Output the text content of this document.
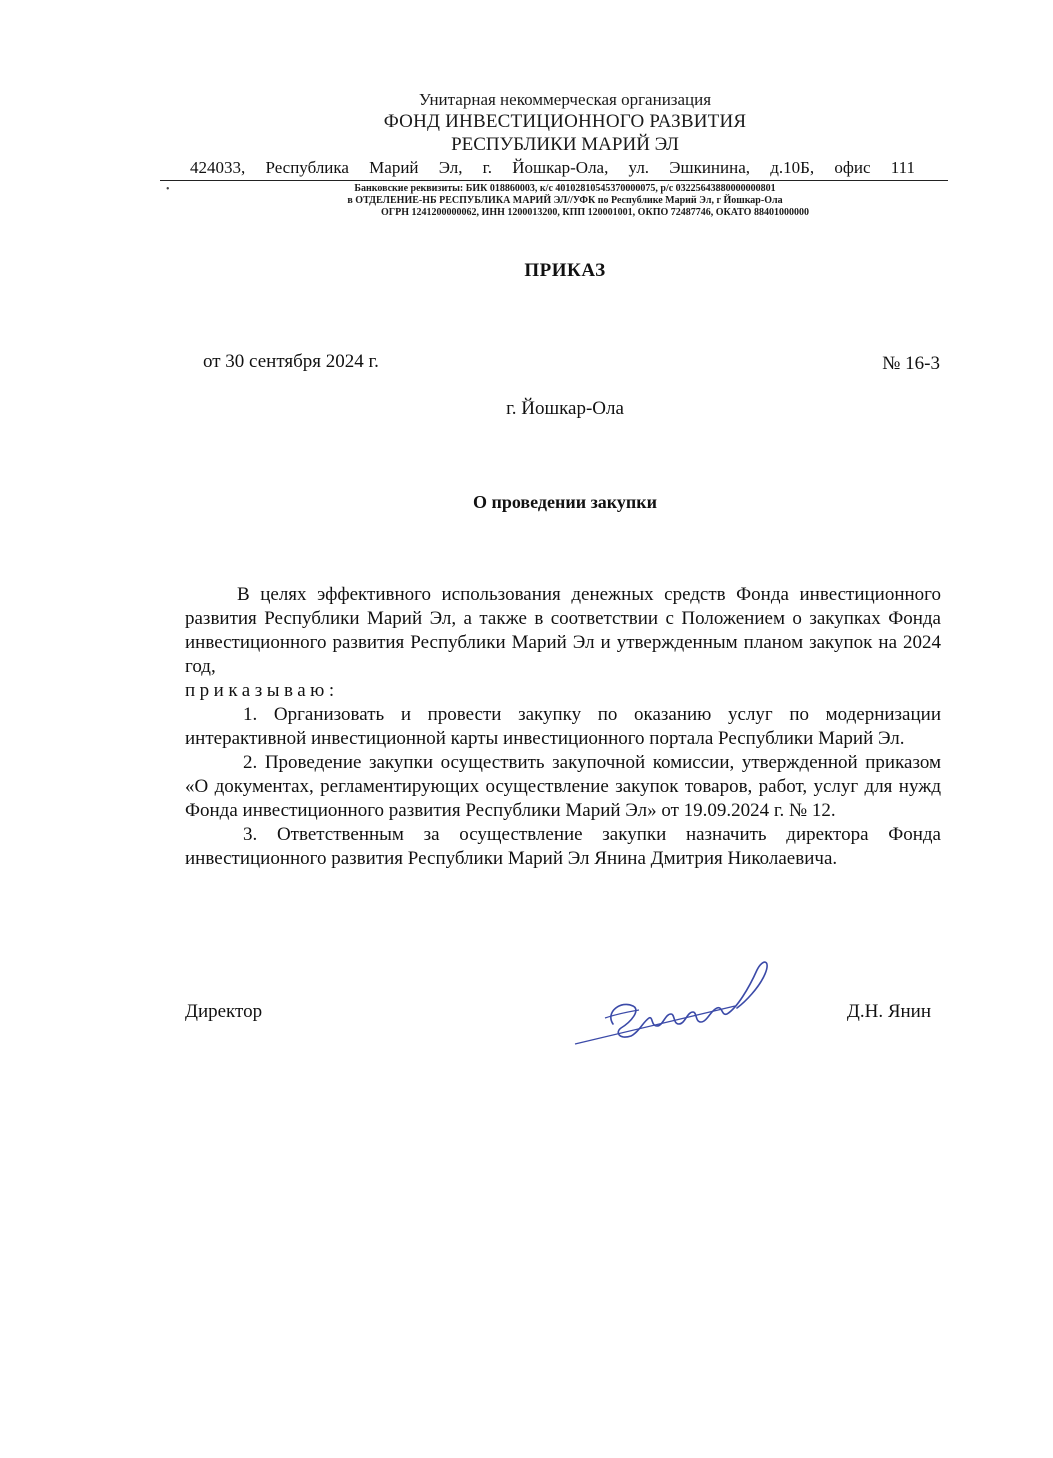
Унитарная некоммерческая организация
ФОНД ИНВЕСТИЦИОННОГО РАЗВИТИЯ
РЕСПУБЛИКИ МАРИЙ ЭЛ
424033, Республика Марий Эл, г. Йошкар-Ола, ул. Эшкинина, д.10Б, офис 111
•	Банковские реквизиты: БИК 018860003, к/с 40102810545370000075, р/с 03225643880000000801
в ОТДЕЛЕНИЕ-НБ РЕСПУБЛИКА МАРИЙ ЭЛ//УФК по Республике Марий Эл, г Йошкар-Ола
ОГРН 1241200000062, ИНН 1200013200, КПП 120001001, ОКПО 72487746, ОКАТО 88401000000
ПРИКАЗ
от 30 сентября 2024 г.	№ 16-3
г. Йошкар-Ола
О проведении закупки

В целях эффективного использования денежных средств Фонда инвестиционного развития Республики Марий Эл, а также в соответствии с Положением о закупках Фонда инвестиционного развития Республики Марий Эл и утвержденным планом закупок на 2024 год,
приказываю:

1. Организовать и провести закупку по оказанию услуг по модернизации интерактивной инвестиционной карты инвестиционного портала Республики Марий Эл.

2. Проведение закупки осуществить закупочной комиссии, утвержденной приказом «О документах, регламентирующих осуществление закупок товаров, работ, услуг для нужд Фонда инвестиционного развития Республики Марий Эл» от 19.09.2024 г. № 12.

3. Ответственным за осуществление закупки назначить директора Фонда инвестиционного развития Республики Марий Эл Янина Дмитрия Николаевича.

Директор	Д.Н. Янин
